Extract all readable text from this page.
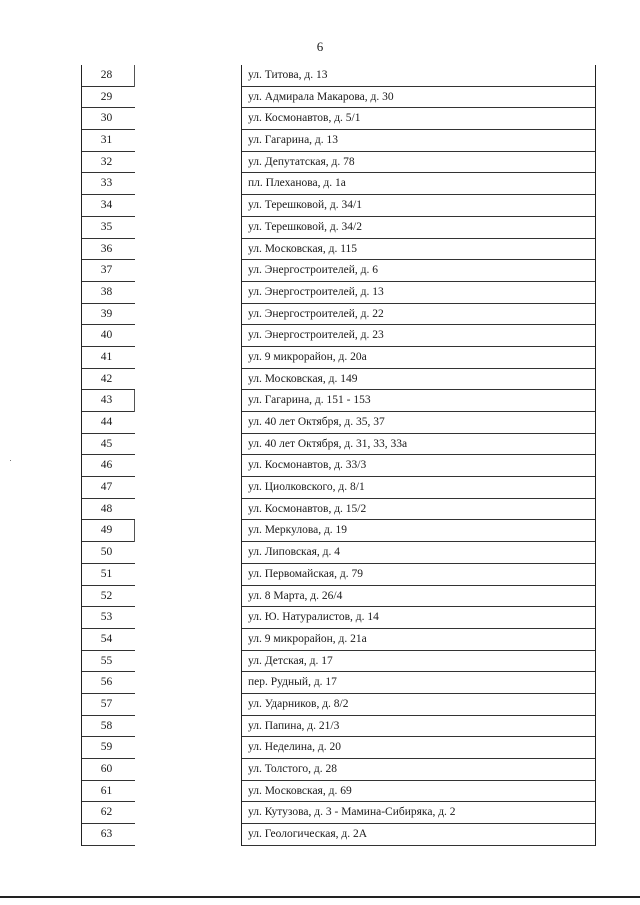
6
28
29
30
31
32
33
34
35
36
37
38
39
40
41
42
43
44
45
46
47
48
49
50
51
52
53
54
55
56
57
58
59
60
61
62
63
ул. Титова, д. 13
ул. Адмирала Макарова, д. 30
ул. Космонавтов, д. 5/1
ул. Гагарина, д. 13
ул. Депутатская, д. 78
пл. Плеханова, д. 1а
ул. Терешковой, д. 34/1
ул. Терешковой, д. 34/2
ул. Московская, д. 115
ул. Энергостроителей, д. 6
ул. Энергостроителей, д. 13
ул. Энергостроителей, д. 22
ул. Энергостроителей, д. 23
ул. 9 микрорайон, д. 20а
ул. Московская, д. 149
ул. Гагарина, д. 151 - 153
ул. 40 лет Октября, д. 35, 37
ул. 40 лет Октября, д. 31, 33, 33а
ул. Космонавтов, д. 33/3
ул. Циолковского, д. 8/1
ул. Космонавтов, д. 15/2
ул. Меркулова, д. 19
ул. Липовская, д. 4
ул. Первомайская, д. 79
ул. 8 Марта, д. 26/4
ул. Ю. Натуралистов, д. 14
ул. 9 микрорайон, д. 21а
ул. Детская, д. 17
пер. Рудный, д. 17
ул. Ударников, д. 8/2
ул. Папина, д. 21/3
ул. Неделина, д. 20
ул. Толстого, д. 28
ул. Московская, д. 69
ул. Кутузова, д. 3 - Мамина-Сибиряка, д. 2
ул. Геологическая, д. 2А
